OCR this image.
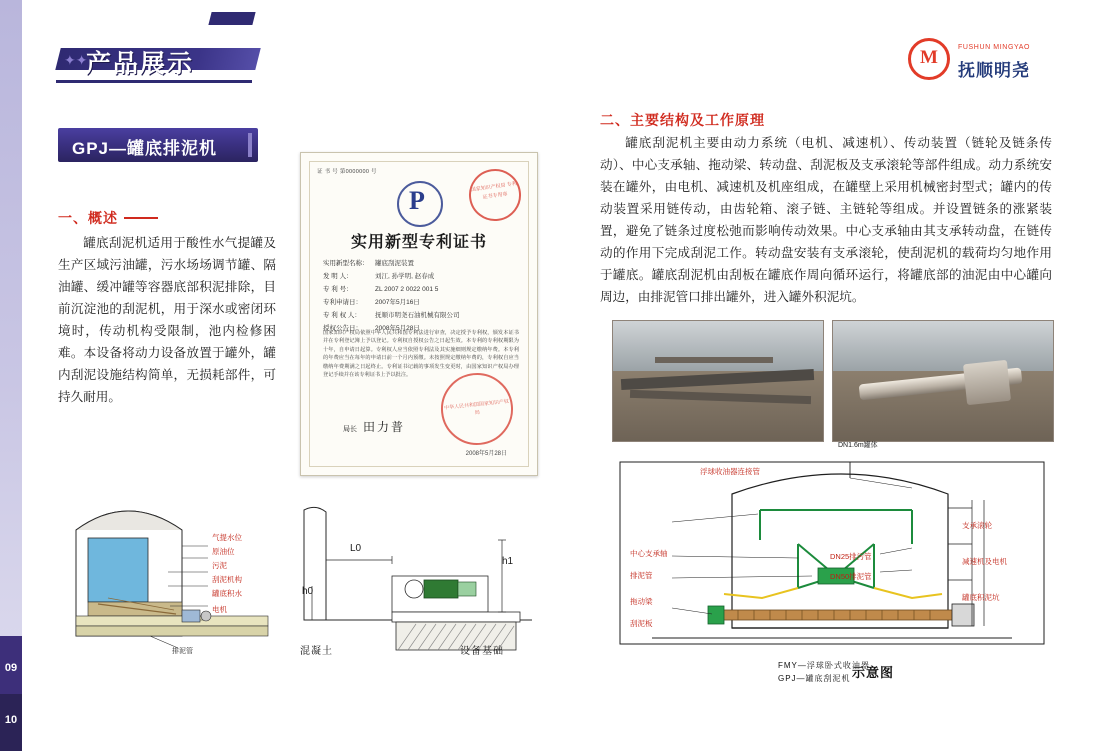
09
10
✦✦
产品展示	M	FUSHUN MINGYAO
抚顺明尧
GPJ—罐底排泥机
一、概述
罐底刮泥机适用于酸性水气提罐及生产区域污油罐，污水场场调节罐、隔油罐、缓冲罐等容器底部积泥排除，目前沉淀池的刮泥机，用于深水或密闭环境时，传动机构受限制，池内检修困难。本设备将动力设备放置于罐外，罐内刮泥设施结构简单，无损耗部件，可持久耐用。
二、主要结构及工作原理
罐底刮泥机主要由动力系统（电机、减速机）、传动装置（链轮及链条传动）、中心支承轴、拖动梁、转动盘、刮泥板及支承滚轮等部件组成。动力系统安装在罐外，由电机、减速机及机座组成，在罐壁上采用机械密封型式；罐内的传动装置采用链传动，由齿轮箱、滚子链、主链轮等组成。并设置链条的涨紧装置，避免了链条过度松弛而影响传动效果。中心支承轴由其支承转动盘，在链传动的作用下完成刮泥工作。转动盘安装有支承滚轮，使刮泥机的载荷均匀地作用于罐底。罐底刮泥机由刮板在罐底作周向循环运行，将罐底部的油泥由中心罐向周边，由排泥管口排出罐外，进入罐外积泥坑。
证 书 号 第0000000 号
国家知识产权局 专利证书专用章
P
实用新型专利证书
实用新型名称： 罐底刮泥装置
发 明 人：	刘江, 孙学明, 赵春成
专 利 号：	ZL 2007 2 0022 001 5
专利申请日： 2007年5月16日
专 利 权 人： 抚顺市明尧石油机械有限公司
授权公告日： 2008年5月28日
国家知识产权局依照中华人民共和国专利法进行审查，决定授予专利权，颁发本证书并在专利登记簿上予以登记。专利权自授权公告之日起生效。本专利的专利权期限为十年，自申请日起算。专利权人应当依照专利法及其实施细则规定缴纳年费。本专利的年费应当在每年的申请日前一个月内预缴。未按照规定缴纳年费的，专利权自应当缴纳年费期满之日起终止。专利证书记载的事项发生变更时，由国家知识产权局办理登记手续并在该专利证书上予以批注。
局长 田力普
中华人民共和国国家知识产权局
2008年5月28日
气提水位
原油位
污泥
刮泥机构
罐底积水
电机
排泥管
L0
h1
h0
混凝土	设备基础
DN1.6m罐体
浮球收油器连接管
中心支承轴
排泥管
拖动梁
刮泥板
DN25排污管
DN50排泥管
支承滚轮
减速机及电机
罐底积泥坑
FMY—浮球卧式收油器
GPJ—罐底刮泥机 示意图
